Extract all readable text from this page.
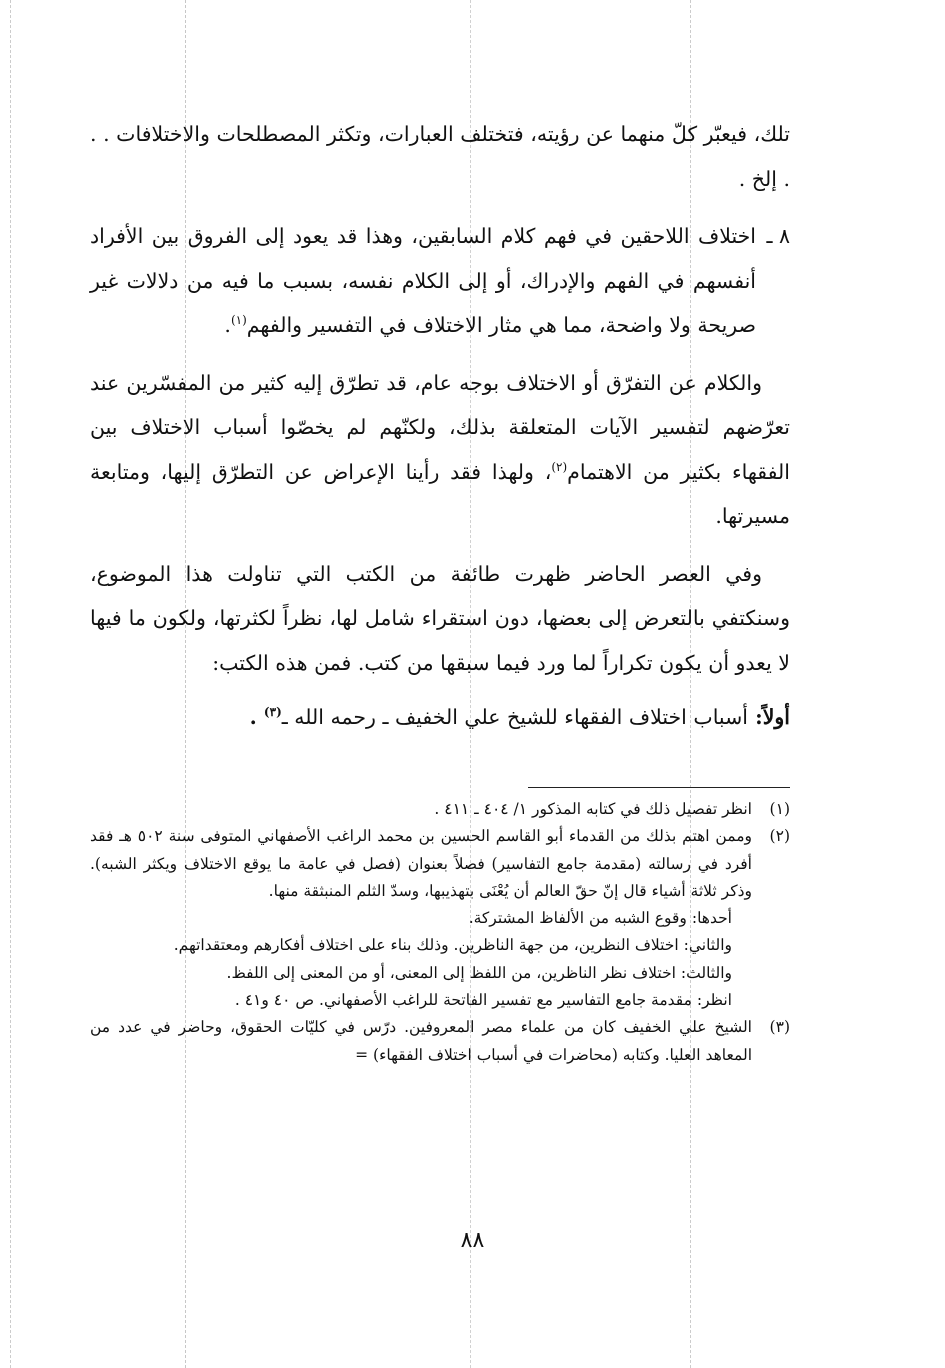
تلك، فيعبّر كلّ منهما عن رؤيته، فتختلف العبارات، وتكثر المصطلحات والاختلافات . . . إلخ .

٨ ـ

اختلاف اللاحقين في فهم كلام السابقين، وهذا قد يعود إلى الفروق بين الأفراد أنفسهم في الفهم والإدراك، أو إلى الكلام نفسه، بسبب ما فيه من دلالات غير صريحة ولا واضحة، مما هي مثار الاختلاف في التفسير والفهم$^{(١)}$.

والكلام عن التفرّق أو الاختلاف بوجه عام، قد تطرّق إليه كثير من المفسّرين عند تعرّضهم لتفسير الآيات المتعلقة بذلك، ولكنّهم لم يخصّوا أسباب الاختلاف بين الفقهاء بكثير من الاهتمام$^{(٢)}$، ولهذا فقد رأينا الإعراض عن التطرّق إليها، ومتابعة مسيرتها.

وفي العصر الحاضر ظهرت طائفة من الكتب التي تناولت هذا الموضوع، وسنكتفي بالتعرض إلى بعضها، دون استقراء شامل لها، نظراً لكثرتها، ولكون ما فيها لا يعدو أن يكون تكراراً لما ورد فيما سبقها من كتب. فمن هذه الكتب:

أولاً: أسباب اختلاف الفقهاء للشيخ علي الخفيف ـ رحمه الله ـ$^{(٣)}$ .

(١)
انظر تفصيل ذلك في كتابه المذكور ١/ ٤٠٤ ـ ٤١١ .
(٢)
وممن اهتم بذلك من القدماء أبو القاسم الحسين بن محمد الراغب الأصفهاني المتوفى سنة ٥٠٢ هـ فقد أفرد في رسالته (مقدمة جامع التفاسير) فصلاً بعنوان (فصل في عامة ما يوقع الاختلاف ويكثر الشبه). وذكر ثلاثة أشياء قال إنّ حقّ العالم أن يُعْنَى بتهذيبها، وسدّ الثلم المنبثقة منها.

أحدها: وقوع الشبه من الألفاظ المشتركة.

والثاني: اختلاف النظرين، من جهة الناظرين. وذلك بناء على اختلاف أفكارهم ومعتقداتهم.

والثالث: اختلاف نظر الناظرين، من اللفظ إلى المعنى، أو من المعنى إلى اللفظ.

انظر: مقدمة جامع التفاسير مع تفسير الفاتحة للراغب الأصفهاني. ص ٤٠ و٤١ .

(٣)
الشيخ علي الخفيف كان من علماء مصر المعروفين. درّس في كليّات الحقوق، وحاضر في عدد من المعاهد العليا. وكتابه (محاضرات في أسباب اختلاف الفقهاء) =
٨٨
